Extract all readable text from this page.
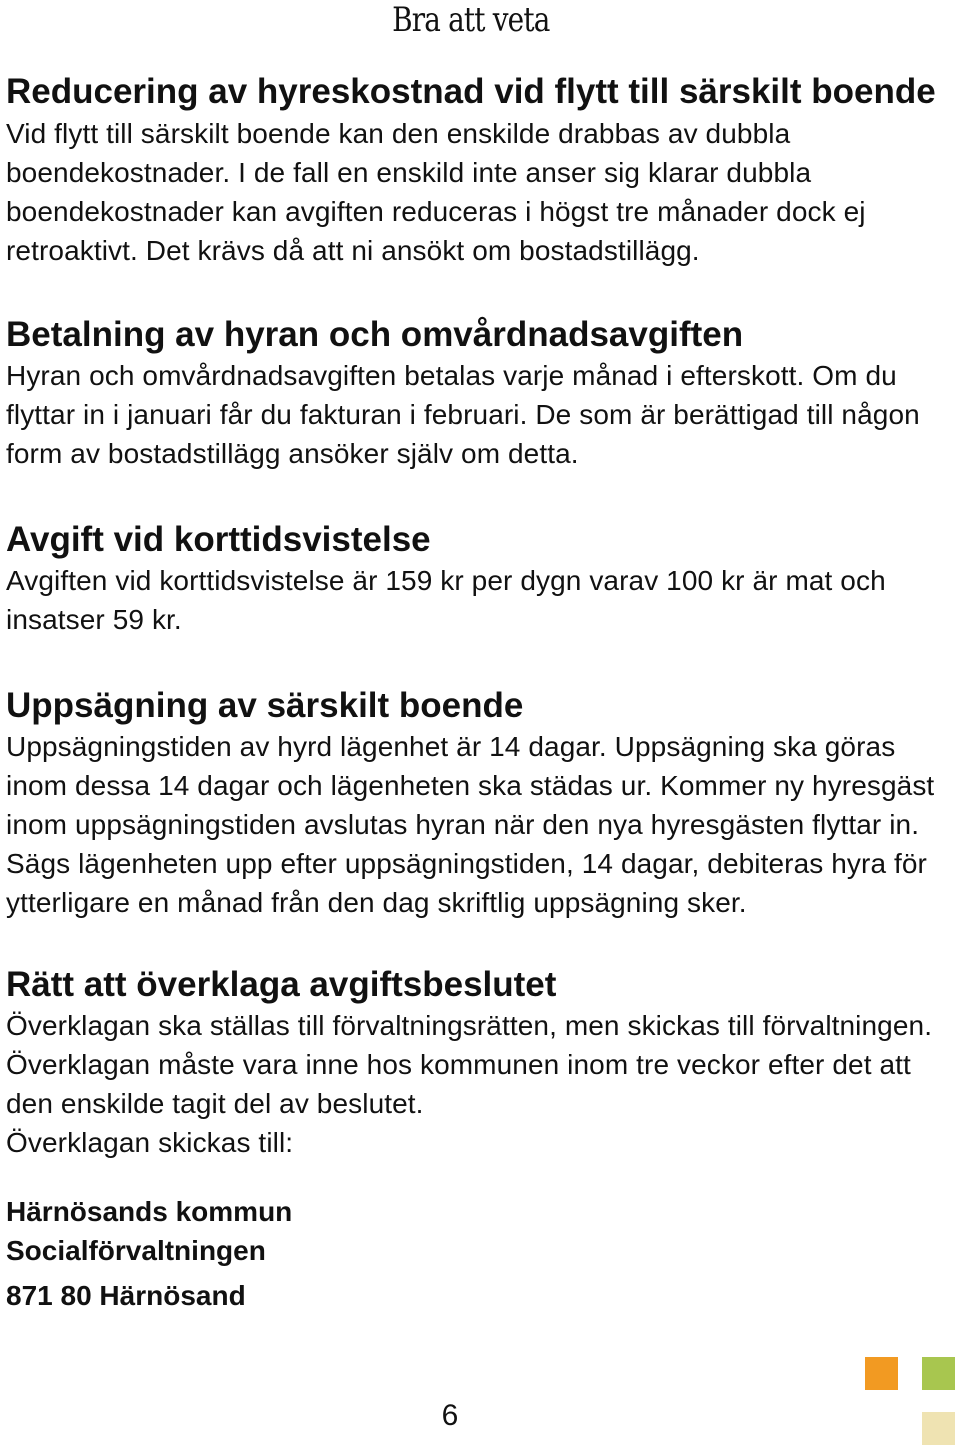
Bra att veta
Reducering av hyreskostnad vid flytt till särskilt boende

Vid flytt till särskilt boende kan den enskilde drabbas av dubbla boendekostnader. I de fall en enskild inte anser sig klarar dubbla boendekostnader kan avgiften reduceras i högst tre månader dock ej retroaktivt. Det krävs då att ni ansökt om bostadstillägg.

Betalning av hyran och omvårdnadsavgiften

Hyran och omvårdnadsavgiften betalas varje månad i efterskott. Om du flyttar in i januari får du fakturan i februari. De som är berättigad till någon form av bostadstillägg ansöker själv om detta.

Avgift vid korttidsvistelse

Avgiften vid korttidsvistelse är 159 kr per dygn varav 100 kr är mat och insatser 59 kr.

Uppsägning av särskilt boende

Uppsägningstiden av hyrd lägenhet är 14 dagar. Uppsägning ska göras inom dessa 14 dagar och lägenheten ska städas ur. Kommer ny hyresgäst inom uppsägningstiden avslutas hyran när den nya hyresgästen flyttar in. Sägs lägenheten upp efter uppsägningstiden, 14 dagar, debiteras hyra för ytterligare en månad från den dag skriftlig uppsägning sker.

Rätt att överklaga avgiftsbeslutet

Överklagan ska ställas till förvaltningsrätten, men skickas till förvaltningen. Överklagan måste vara inne hos kommunen inom tre veckor efter det att den enskilde tagit del av beslutet.

Överklagan skickas till:

Härnösands kommun

Socialförvaltningen

871 80 Härnösand

6
